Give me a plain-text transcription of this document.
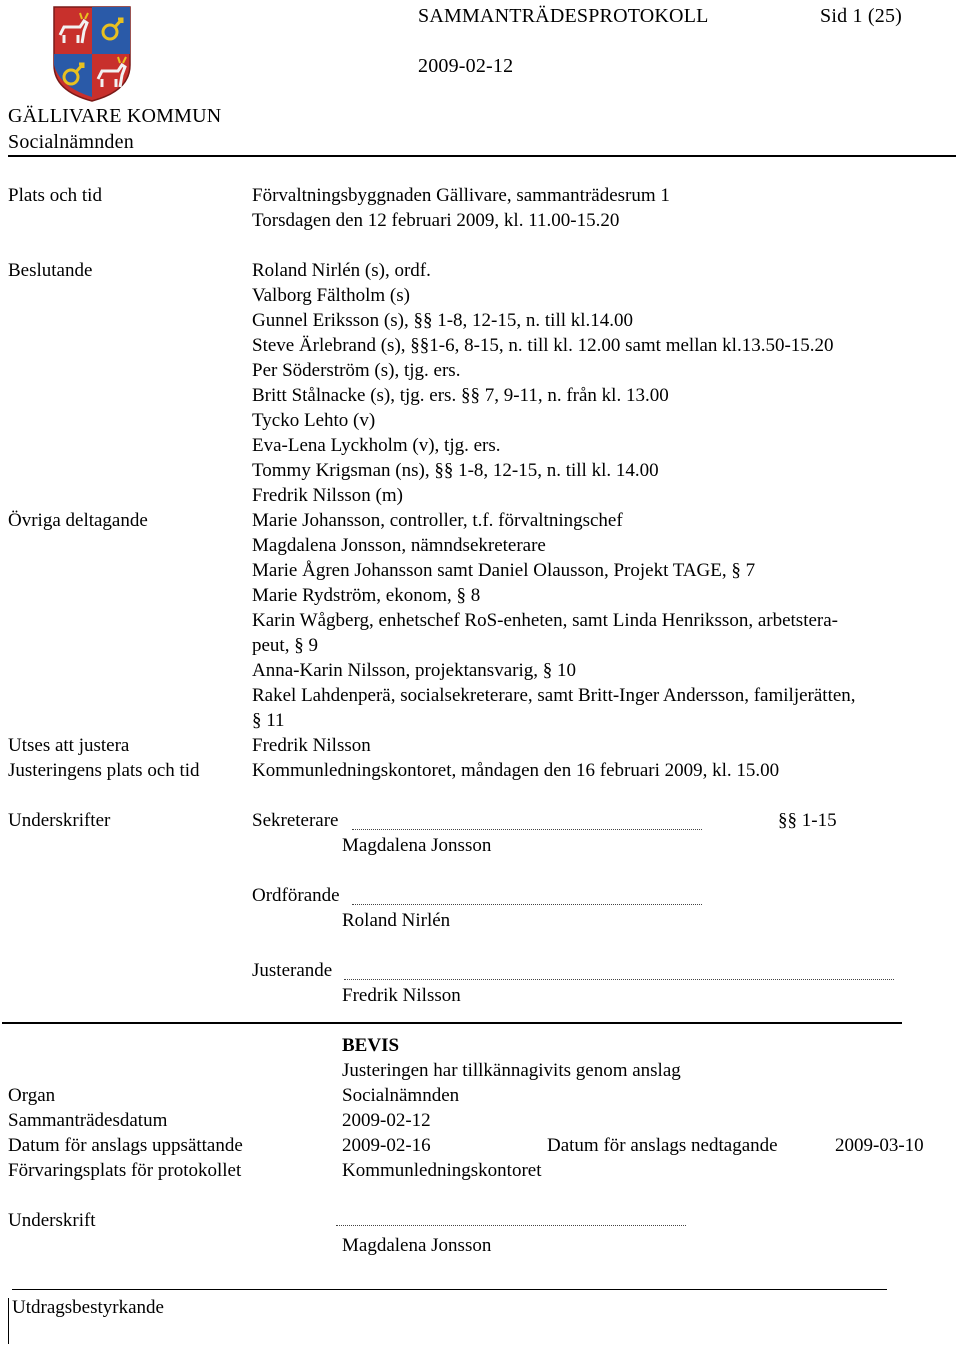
SAMMANTRÄDESPROTOKOLL	Sid 1 (25)
2009-02-12
GÄLLIVARE KOMMUN
Socialnämnden
Plats och tid	Förvaltningsbyggnaden Gällivare, sammanträdesrum 1
Torsdagen den 12 februari 2009, kl. 11.00-15.20
Beslutande	Roland Nirlén (s), ordf.
Valborg Fältholm (s)
Gunnel Eriksson (s), §§ 1-8, 12-15, n. till kl.14.00
Steve Ärlebrand (s), §§1-6, 8-15, n. till kl. 12.00 samt mellan kl.13.50-15.20
Per Söderström (s), tjg. ers.
Britt Stålnacke (s), tjg. ers. §§ 7, 9-11, n. från kl. 13.00
Tycko Lehto (v)
Eva-Lena Lyckholm (v), tjg. ers.
Tommy Krigsman (ns), §§ 1-8, 12-15, n. till kl. 14.00
Fredrik Nilsson (m)
Övriga deltagande	Marie Johansson, controller, t.f. förvaltningschef
Magdalena Jonsson, nämndsekreterare
Marie Ågren Johansson samt Daniel Olausson, Projekt TAGE, § 7
Marie Rydström, ekonom, § 8
Karin Wågberg, enhetschef RoS-enheten, samt Linda Henriksson, arbetstera-
peut, § 9
Anna-Karin Nilsson, projektansvarig, § 10
Rakel Lahdenperä, socialsekreterare, samt Britt-Inger Andersson, familjerätten,
§ 11
Utses att justera	Fredrik Nilsson
Justeringens plats och tid	Kommunledningskontoret, måndagen den 16 februari 2009, kl. 15.00
Underskrifter	Sekreterare	§§ 1-15
Magdalena Jonsson
Ordförande
Roland Nirlén
Justerande
Fredrik Nilsson
BEVIS
Justeringen har tillkännagivits genom anslag
Organ	Socialnämnden
Sammanträdesdatum	2009-02-12
Datum för anslags uppsättande	2009-02-16	Datum för anslags nedtagande	2009-03-10
Förvaringsplats för protokollet	Kommunledningskontoret
Underskrift
Magdalena Jonsson
Utdragsbestyrkande
